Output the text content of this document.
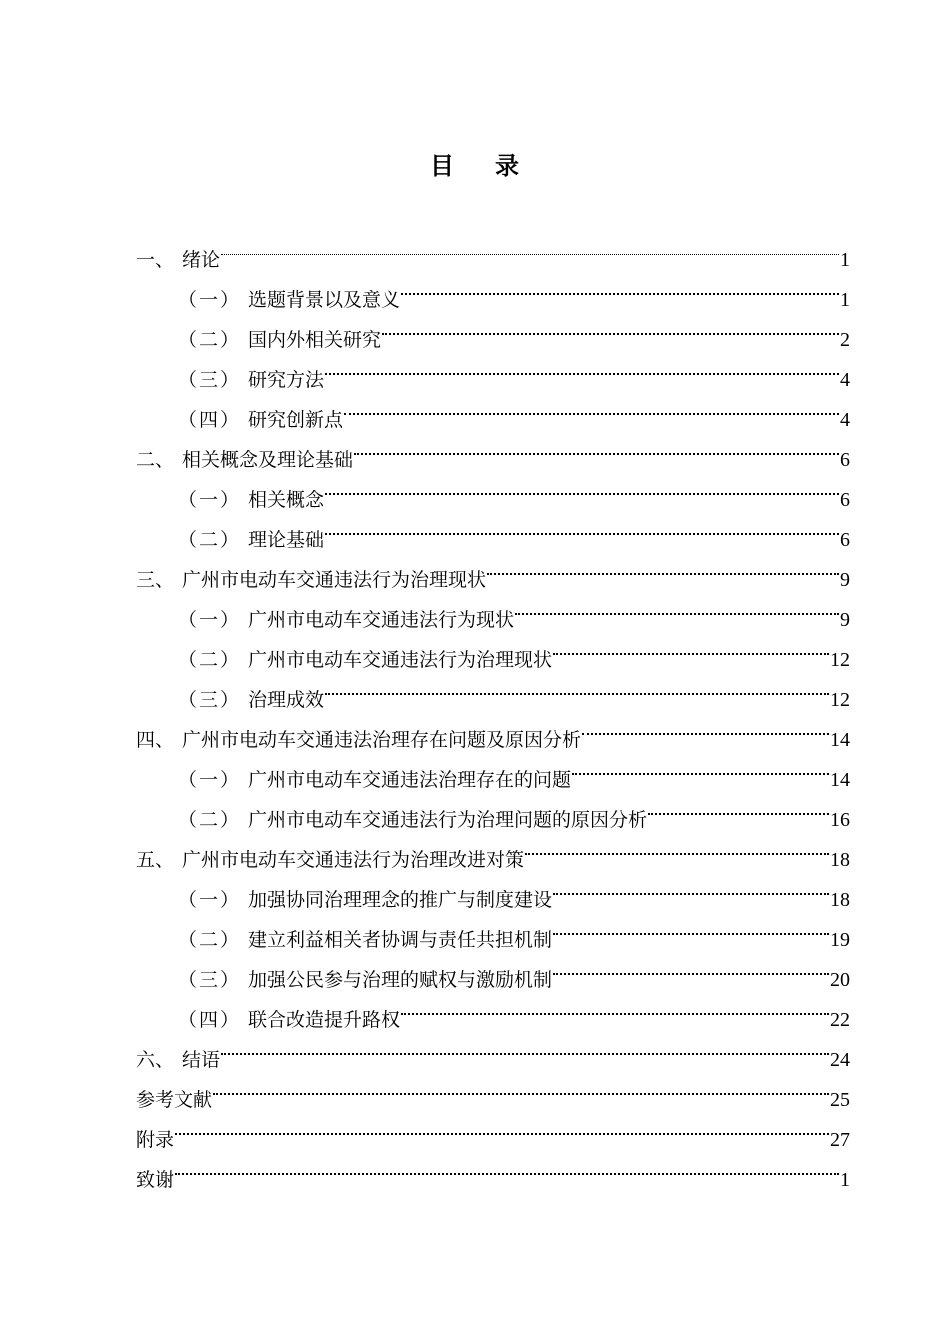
目 录
一、 绪论	1
（一） 选题背景以及意义	1
（二） 国内外相关研究	2
（三） 研究方法	4
（四） 研究创新点	4
二、 相关概念及理论基础	6
（一） 相关概念	6
（二） 理论基础	6
三、 广州市电动车交通违法行为治理现状	9
（一） 广州市电动车交通违法行为现状	9
（二） 广州市电动车交通违法行为治理现状	12
（三） 治理成效	12
四、 广州市电动车交通违法治理存在问题及原因分析	14
（一） 广州市电动车交通违法治理存在的问题	14
（二） 广州市电动车交通违法行为治理问题的原因分析	16
五、 广州市电动车交通违法行为治理改进对策	18
（一） 加强协同治理理念的推广与制度建设	18
（二） 建立利益相关者协调与责任共担机制	19
（三） 加强公民参与治理的赋权与激励机制	20
（四） 联合改造提升路权	22
六、 结语	24
参考文献	25
附录	27
致谢	1
